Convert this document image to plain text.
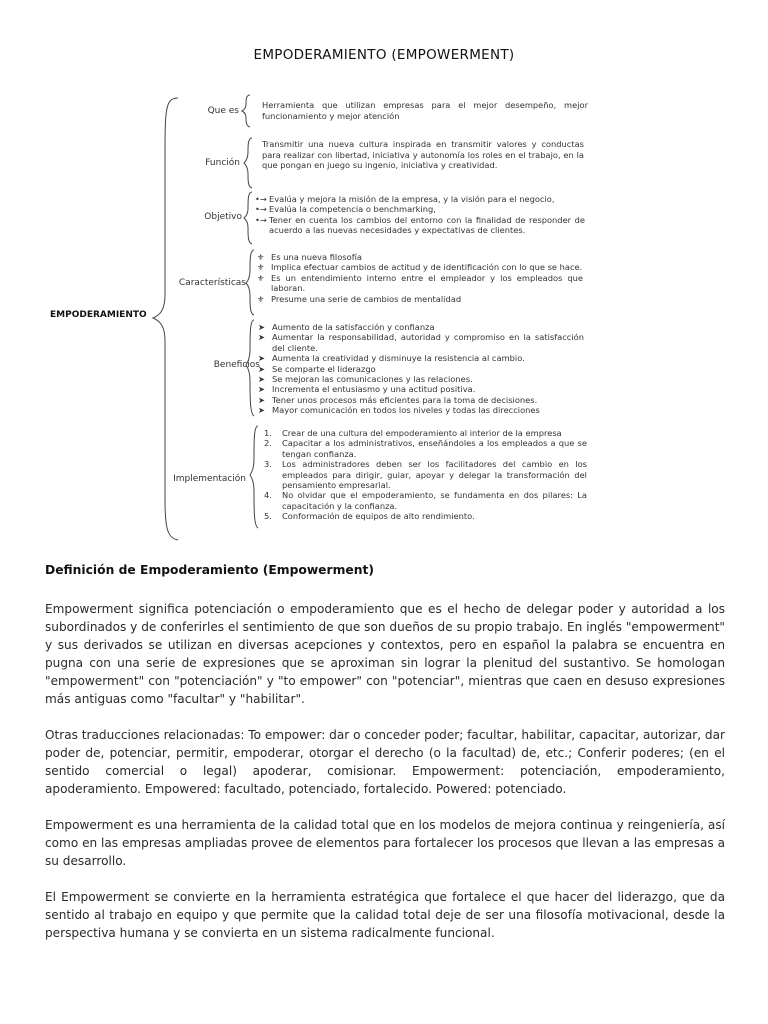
EMPODERAMIENTO (EMPOWERMENT)
EMPODERAMIENTO
Que es
Herramienta que utilizan empresas para el mejor desempeño, mejor funcionamiento y mejor atención
Función
Transmitir una nueva cultura inspirada en transmitir valores y conductas para realizar con libertad, iniciativa y autonomía los roles en el trabajo, en la que pongan en juego su ingenio, iniciativa y creatividad.
Objetivo
•→ Evalúa y mejora la misión de la empresa, y la visión para el negocio,
•→ Evalúa la competencia o benchmarking,
•→ Tener en cuenta los cambios del entorno con la finalidad de responder de acuerdo a las nuevas necesidades y expectativas de clientes.
Características
⚜ Es una nueva filosofía
⚜ Implica efectuar cambios de actitud y de identificación con lo que se hace.
⚜ Es un entendimiento interno entre el empleador y los empleados que laboran.
⚜ Presume una serie de cambios de mentalidad
Beneficios
➤ Aumento de la satisfacción y confianza
➤ Aumentar la responsabilidad, autoridad y compromiso en la satisfacción del cliente.
➤ Aumenta la creatividad y disminuye la resistencia al cambio.
➤ Se comparte el liderazgo
➤ Se mejoran las comunicaciones y las relaciones.
➤ Incrementa el entusiasmo y una actitud positiva.
➤ Tener unos procesos más eficientes para la toma de decisiones.
➤ Mayor comunicación en todos los niveles y todas las direcciones
Implementación
1.	Crear de una cultura del empoderamiento al interior de la empresa
2.	Capacitar a los administrativos, enseñándoles a los empleados a que se tengan confianza.
3.	Los administradores deben ser los facilitadores del cambio en los empleados para dirigir, guiar, apoyar y delegar la transformación del pensamiento empresarial.
4.	No olvidar que el empoderamiento, se fundamenta en dos pilares: La capacitación y la confianza.
5.	Conformación de equipos de alto rendimiento.
Definición de Empoderamiento (Empowerment)

Empowerment significa potenciación o empoderamiento que es el hecho de delegar poder y autoridad a los subordinados y de conferirles el sentimiento de que son dueños de su propio trabajo. En inglés "empowerment" y sus derivados se utilizan en diversas acepciones y contextos, pero en español la palabra se encuentra en pugna con una serie de expresiones que se aproximan sin lograr la plenitud del sustantivo. Se homologan "empowerment" con "potenciación" y "to empower" con "potenciar", mientras que caen en desuso expresiones más antiguas como "facultar" y "habilitar".

Otras traducciones relacionadas: To empower: dar o conceder poder; facultar, habilitar, capacitar, autorizar, dar poder de, potenciar, permitir, empoderar, otorgar el derecho (o la facultad) de, etc.; Conferir poderes; (en el sentido comercial o legal) apoderar, comisionar. Empowerment: potenciación, empoderamiento, apoderamiento. Empowered: facultado, potenciado, fortalecido. Powered: potenciado.

Empowerment es una herramienta de la calidad total que en los modelos de mejora continua y reingeniería, así como en las empresas ampliadas provee de elementos para fortalecer los procesos que llevan a las empresas a su desarrollo.

El Empowerment se convierte en la herramienta estratégica que fortalece el que hacer del liderazgo, que da sentido al trabajo en equipo y que permite que la calidad total deje de ser una filosofía motivacional, desde la perspectiva humana y se convierta en un sistema radicalmente funcional.
